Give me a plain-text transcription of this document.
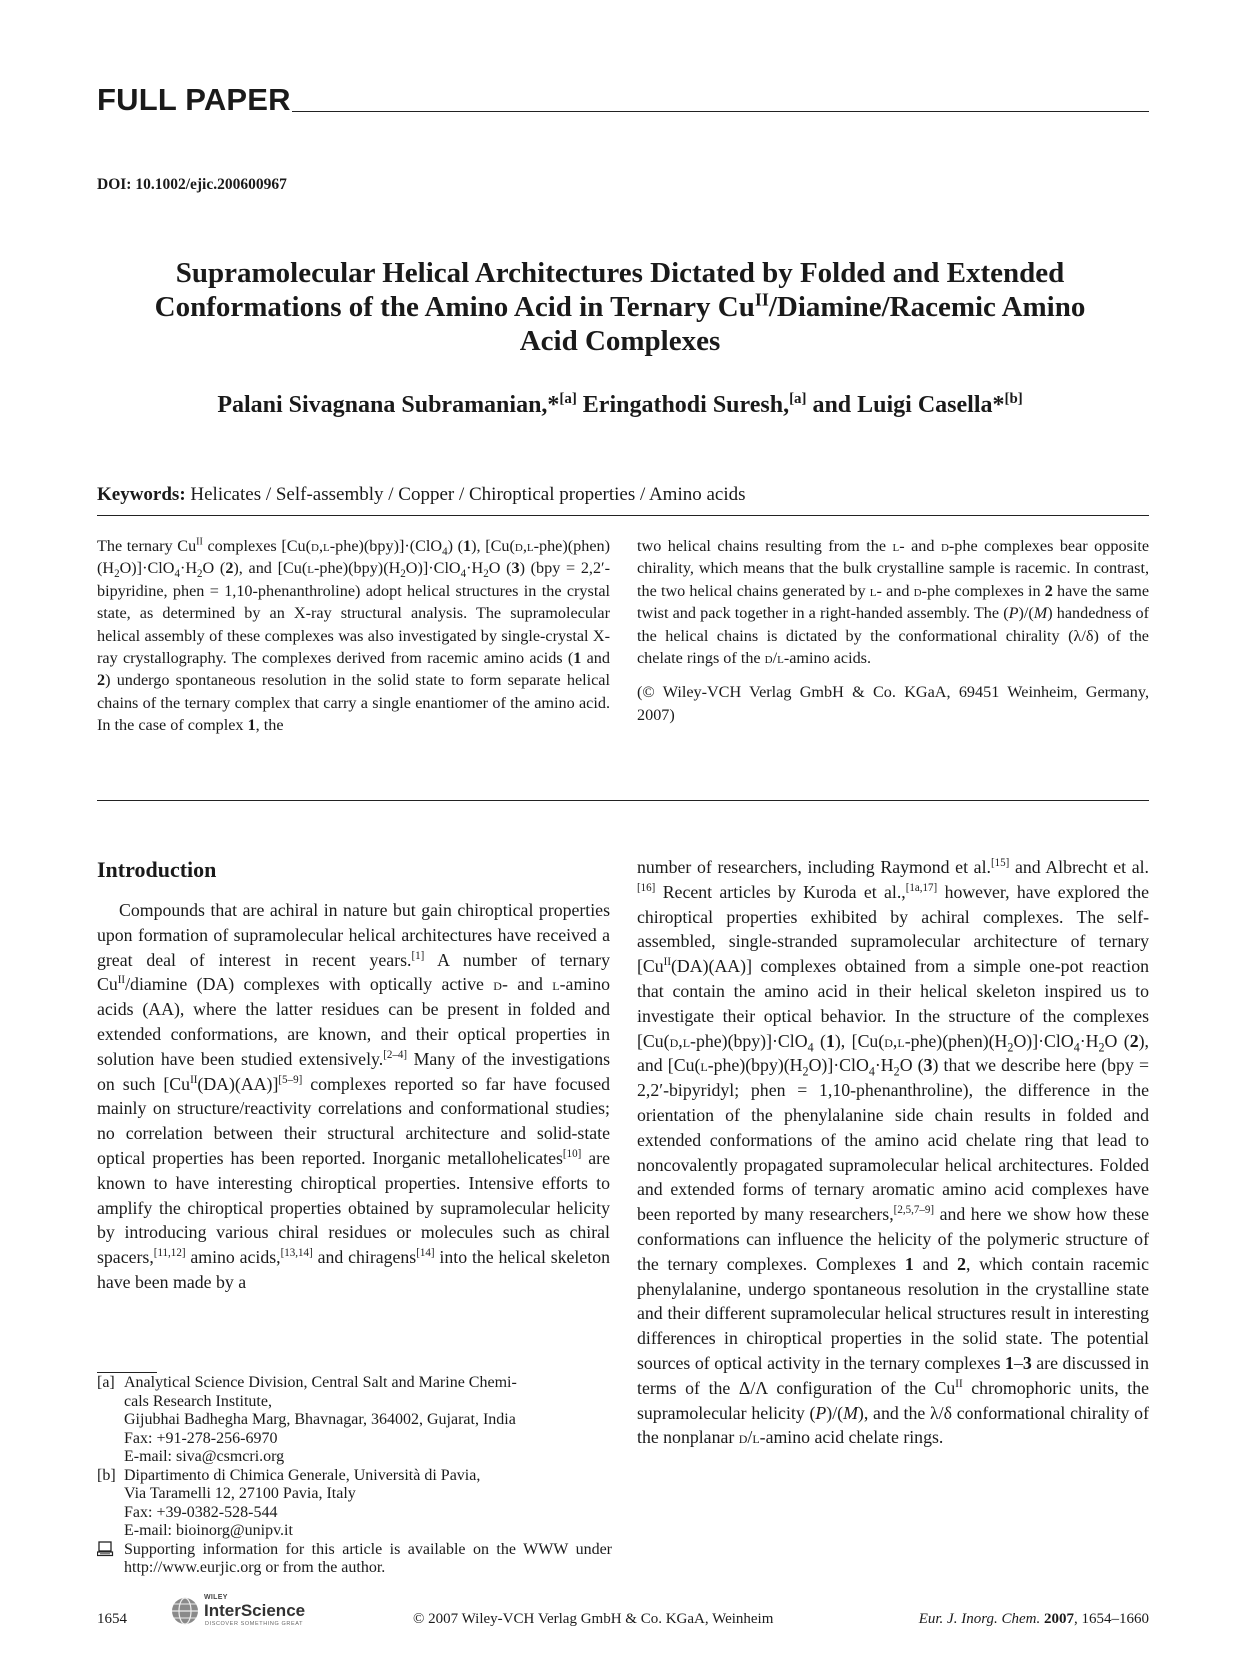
FULL PAPER
DOI: 10.1002/ejic.200600967
Supramolecular Helical Architectures Dictated by Folded and Extended
Conformations of the Amino Acid in Ternary $Cu^{II}/Diamine$/Racemic Amino
Acid Complexes
Palani Sivagnana Subramanian,*[a] Eringathodi Suresh,[a] and Luigi Casella*[b]
Keywords: Helicates / Self-assembly / Copper / Chiroptical properties / Amino acids

The ternary $Cu^{II}$ complexes [Cu(d,l-phe)(bpy)]·(ClO$_4$) (1), $[Cu(d,l-phe)(phen)(H_2O)]\cdot ClO_4\cdot H_2O$ (2), and $[Cu(l-phe)(bpy)(H_2O)]\cdot ClO_4\cdot H_2O$ (3) (bpy = 2,2′-bipyridine, phen = 1,10-phenanthroline) adopt helical structures in the crystal state, as determined by an X-ray structural analysis. The supramolecular helical assembly of these complexes was also investigated by single-crystal X-ray crystallography. The complexes derived from racemic amino acids (1 and 2) undergo spontaneous resolution in the solid state to form separate helical chains of the ternary complex that carry a single enantiomer of the amino acid. In the case of complex 1, the

two helical chains resulting from the l- and d-phe complexes bear opposite chirality, which means that the bulk crystalline sample is racemic. In contrast, the two helical chains generated by l- and d-phe complexes in 2 have the same twist and pack together in a right-handed assembly. The (P)/(M) handedness of the helical chains is dictated by the conformational chirality (λ/δ) of the chelate rings of the d/l-amino acids.

(© Wiley-VCH Verlag GmbH & Co. KGaA, 69451 Weinheim, Germany, 2007)

Introduction

Compounds that are achiral in nature but gain chiroptical properties upon formation of supramolecular helical architectures have received a great deal of interest in recent years.[1] A number of ternary $Cu^{II}$/diamine (DA) complexes with optically active d- and l-amino acids (AA), where the latter residues can be present in folded and extended conformations, are known, and their optical properties in solution have been studied extensively.[2–4] Many of the investigations on such $[Cu^{II}(DA)(AA)][5-9]$ complexes reported so far have focused mainly on structure/reactivity correlations and conformational studies; no correlation between their structural architecture and solid-state optical properties has been reported. Inorganic metallohelicates[10] are known to have interesting chiroptical properties. Intensive efforts to amplify the chiroptical properties obtained by supramolecular helicity by introducing various chiral residues or molecules such as chiral spacers,[11,12] amino acids,[13,14] and chiragens[14] into the helical skeleton have been made by a

number of researchers, including Raymond et al.[15] and Albrecht et al.[16] Recent articles by Kuroda et al.,[1a,17] however, have explored the chiroptical properties exhibited by achiral complexes. The self-assembled, single-stranded supramolecular architecture of ternary $[Cu^{II}(DA)(AA)]$ complexes obtained from a simple one-pot reaction that contain the amino acid in their helical skeleton inspired us to investigate their optical behavior. In the structure of the complexes [Cu(d,l-phe)(bpy)]·ClO$_4$ (1), $[Cu(d,l-phe)(phen)(H_2O)]\cdot ClO_4\cdot H_2O$ (2), and $[Cu(l-phe)(bpy)(H_2O)]\cdot ClO_4\cdot H_2O$ (3) that we describe here (bpy = 2,2′-bipyridyl; phen = 1,10-phenanthroline), the difference in the orientation of the phenylalanine side chain results in folded and extended conformations of the amino acid chelate ring that lead to noncovalently propagated supramolecular helical architectures. Folded and extended forms of ternary aromatic amino acid complexes have been reported by many researchers,[2,5,7–9] and here we show how these conformations can influence the helicity of the polymeric structure of the ternary complexes. Complexes 1 and 2, which contain racemic phenylalanine, undergo spontaneous resolution in the crystalline state and their different supramolecular helical structures result in interesting differences in chiroptical properties in the solid state. The potential sources of optical activity in the ternary complexes 1–3 are discussed in terms of the Δ/Λ configuration of the $Cu^{II}$ chromophoric units, the supramolecular helicity (P)/(M), and the λ/δ conformational chirality of the nonplanar d/l-amino acid chelate rings.

[a] Analytical Science Division, Central Salt and Marine Chemi-
cals Research Institute,
Gijubhai Badhegha Marg, Bhavnagar, 364002, Gujarat, India
Fax: +91-278-256-6970
E-mail: siva@csmcri.org
[b] Dipartimento di Chimica Generale, Università di Pavia,
Via Taramelli 12, 27100 Pavia, Italy
Fax: +39-0382-528-544
E-mail: bioinorg@unipv.it
Supporting information for this article is available on the WWW under http://www.eurjic.org or from the author.
WILEY
InterScience
DISCOVER SOMETHING GREAT
1654	© 2007 Wiley-VCH Verlag GmbH & Co. KGaA, Weinheim	Eur. J. Inorg. Chem. 2007, 1654–1660
